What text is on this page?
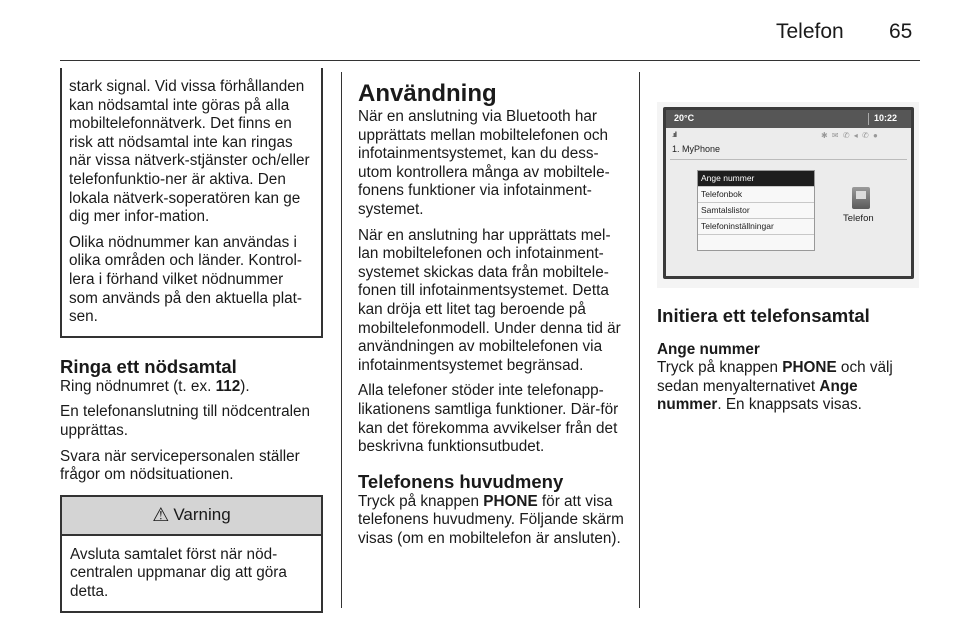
Telefon 65

stark signal. Vid vissa förhållanden kan nödsamtal inte göras på alla mobiltelefonnätverk. Det finns en risk att nödsamtal inte kan ringas när vissa nätverk-stjänster och/eller telefonfunktio-ner är aktiva. Den lokala nätverk-soperatören kan ge dig mer infor-mation.

Olika nödnummer kan användas i olika områden och länder. Kontrol-lera i förhand vilket nödnummer som används på den aktuella plat-sen.

Ringa ett nödsamtal

Ring nödnumret (t. ex. 112).

En telefonanslutning till nödcentralen upprättas.

Svara när servicepersonalen ställer frågor om nödsituationen.

⚠ Varning

Avsluta samtalet först när nöd-centralen uppmanar dig att göra detta.

Användning

När en anslutning via Bluetooth har upprättats mellan mobiltelefonen och infotainmentsystemet, kan du dess-utom kontrollera många av mobiltele-fonens funktioner via infotainment-systemet.

När en anslutning har upprättats mel-lan mobiltelefonen och infotainment-systemet skickas data från mobiltele-fonen till infotainmentsystemet. Detta kan dröja ett litet tag beroende på mobiltelefonmodell. Under denna tid är användningen av mobiltelefonen via infotainmentsystemet begränsad.

Alla telefoner stöder inte telefonapp-likationens samtliga funktioner. Där-för kan det förekomma avvikelser från det beskrivna funktionsutbudet.

Telefonens huvudmeny

Tryck på knappen PHONE för att visa telefonens huvudmeny. Följande skärm visas (om en mobiltelefon är ansluten).

20°C	10:22
.ııll	✱ ✉ ✆ ◂ ✆ ●
1. MyPhone
Ange nummer
Telefonbok
Samtalslistor
Telefoninställningar
Telefon
Initiera ett telefonsamtal
Ange nummer

Tryck på knappen PHONE och välj sedan menyalternativet Ange nummer. En knappsats visas.
